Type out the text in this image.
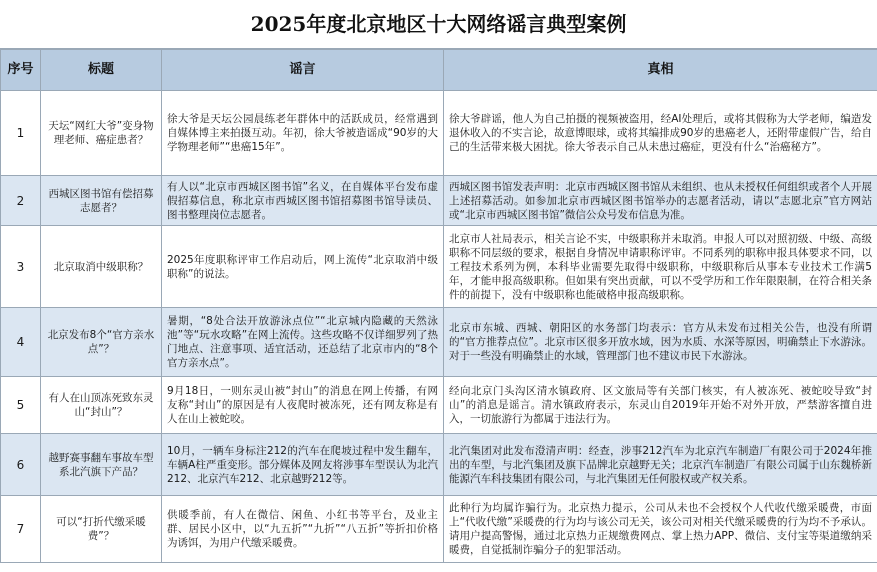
2025年度北京地区十大网络谣言典型案例
序号	标题	谣言	真相
1	天坛“网红大爷”变身物理老师、癌症患者？	徐大爷是天坛公园晨练老年群体中的活跃成员，经常遇到自媒体博主来拍摄互动。年初，徐大爷被造谣成“90岁的大学物理老师”“患癌15年”。	徐大爷辟谣，他人为自己拍摄的视频被盗用，经AI处理后，或将其假称为大学老师，编造发退休收入的不实言论，故意博眼球，或将其编排成90岁的患癌老人，还附带虚假广告，给自己的生活带来极大困扰。徐大爷表示自己从未患过癌症，更没有什么“治癌秘方”。
2	西城区图书馆有偿招募志愿者？	有人以“北京市西城区图书馆”名义，在自媒体平台发布虚假招募信息，称北京市西城区图书馆招募图书馆导读员、图书整理岗位志愿者。	西城区图书馆发表声明：北京市西城区图书馆从未组织、也从未授权任何组织或者个人开展上述招募活动。如参加北京市西城区图书馆举办的志愿者活动，请以“志愿北京”官方网站或“北京市西城区图书馆”微信公众号发布信息为准。
3	北京取消中级职称？	2025年度职称评审工作启动后，网上流传“北京取消中级职称”的说法。	北京市人社局表示，相关言论不实，中级职称并未取消。申报人可以对照初级、中级、高级职称不同层级的要求，根据自身情况申请职称评审。不同系列的职称申报具体要求不同，以工程技术系列为例，本科毕业需要先取得中级职称，中级职称后从事本专业技术工作满5年，才能申报高级职称。但如果有突出贡献，可以不受学历和工作年限限制，在符合相关条件的前提下，没有中级职称也能破格申报高级职称。
4	北京发布8个“官方亲水点”？	暑期，“8处合法开放游泳点位”“北京城内隐藏的天然泳池”等“玩水攻略”在网上流传。这些攻略不仅详细罗列了热门地点、注意事项、适宜活动，还总结了北京市内的“8个官方亲水点”。	北京市东城、西城、朝阳区的水务部门均表示：官方从未发布过相关公告，也没有所谓的“官方推荐点位”。北京市区很多开放水域，因为水质、水深等原因，明确禁止下水游泳。对于一些没有明确禁止的水域，管理部门也不建议市民下水游泳。
5	有人在山顶冻死致东灵山“封山”？	9月18日，一则东灵山被“封山”的消息在网上传播，有网友称“封山”的原因是有人夜爬时被冻死，还有网友称是有人在山上被蛇咬。	经向北京门头沟区清水镇政府、区文旅局等有关部门核实，有人被冻死、被蛇咬导致“封山”的消息是谣言。清水镇政府表示，东灵山自2019年开始不对外开放，严禁游客擅自进入，一切旅游行为都属于违法行为。
6	越野赛事翻车事故车型系北汽旗下产品？	10月，一辆车身标注212的汽车在爬坡过程中发生翻车，车辆A柱严重变形。部分媒体及网友将涉事车型误认为北汽212、北京汽车212、北京越野212等。	北汽集团对此发布澄清声明：经查，涉事212汽车为北京汽车制造厂有限公司于2024年推出的车型，与北汽集团及旗下品牌北京越野无关；北京汽车制造厂有限公司属于山东魏桥新能源汽车科技集团有限公司，与北汽集团无任何股权或产权关系。
7	可以“打折代缴采暖费”？	供暖季前，有人在微信、闲鱼、小红书等平台，及业主群、居民小区中，以“九五折”“九折”“八五折”等折扣价格为诱饵，为用户代缴采暖费。	此种行为均属诈骗行为。北京热力提示，公司从未也不会授权个人代收代缴采暖费，市面上“代收代缴”采暖费的行为均与该公司无关，该公司对相关代缴采暖费的行为均不予承认。请用户提高警惕，通过北京热力正规缴费网点、掌上热力APP、微信、支付宝等渠道缴纳采暖费，自觉抵制诈骗分子的犯罪活动。
